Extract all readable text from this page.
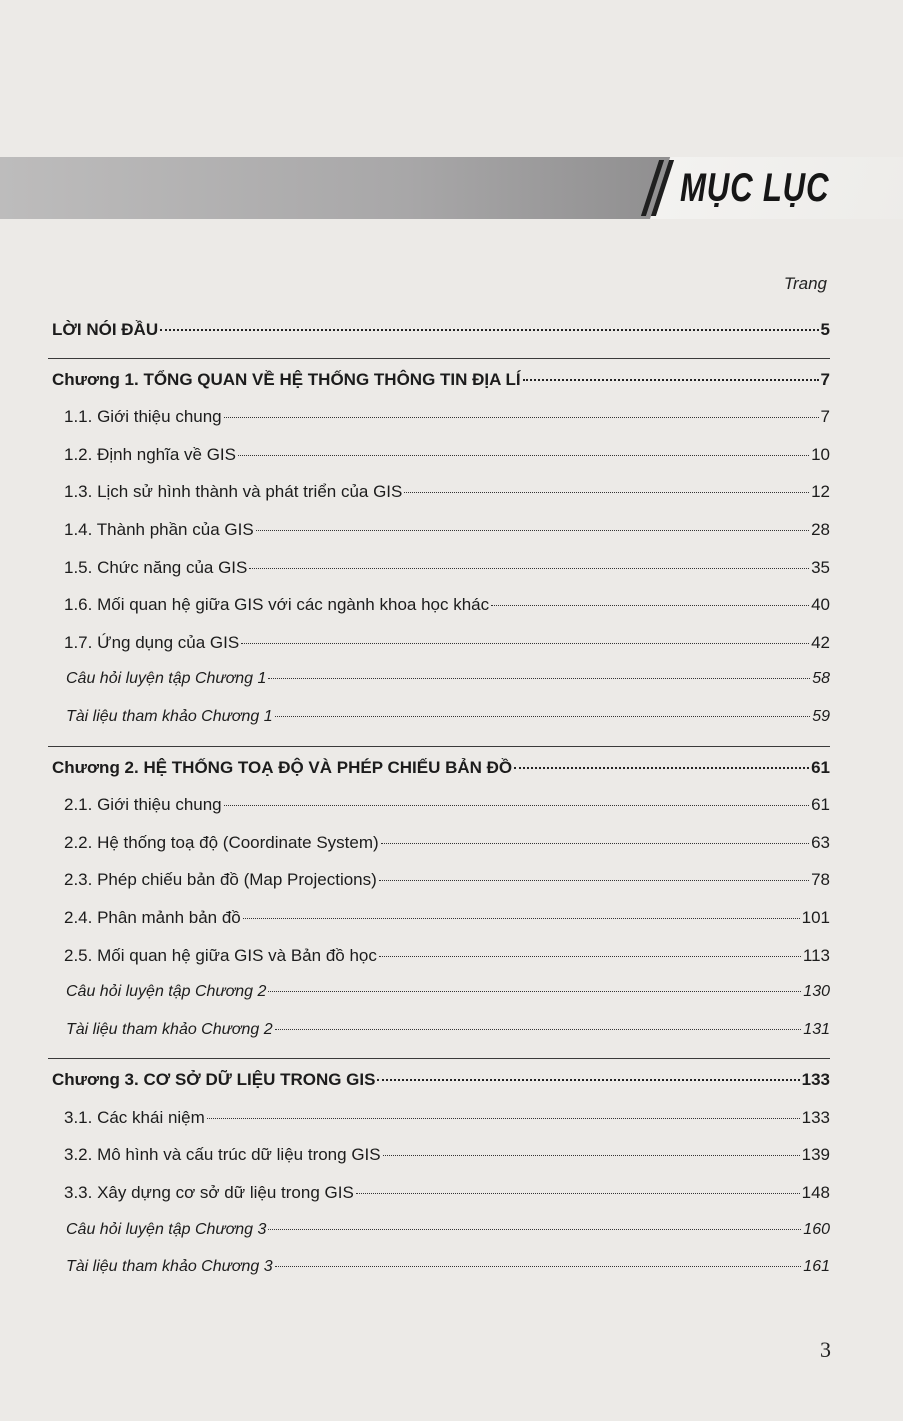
MỤC LỤC
Trang
LỜI NÓI ĐẦU	5
Chương 1. TỔNG QUAN VỀ HỆ THỐNG THÔNG TIN ĐỊA LÍ	7
1.1. Giới thiệu chung	7
1.2. Định nghĩa về GIS	10
1.3. Lịch sử hình thành và phát triển của GIS	12
1.4. Thành phần của GIS	28
1.5. Chức năng của GIS	35
1.6. Mối quan hệ giữa GIS với các ngành khoa học khác	40
1.7. Ứng dụng của GIS	42
Câu hỏi luyện tập Chương 1	58
Tài liệu tham khảo Chương 1	59
Chương 2. HỆ THỐNG TOẠ ĐỘ VÀ PHÉP CHIẾU BẢN ĐỒ	61
2.1. Giới thiệu chung	61
2.2. Hệ thống toạ độ (Coordinate System)	63
2.3. Phép chiếu bản đồ (Map Projections)	78
2.4. Phân mảnh bản đồ	101
2.5. Mối quan hệ giữa GIS và Bản đồ học	113
Câu hỏi luyện tập Chương 2	130
Tài liệu tham khảo Chương 2	131
Chương 3. CƠ SỞ DỮ LIỆU TRONG GIS	133
3.1. Các khái niệm	133
3.2. Mô hình và cấu trúc dữ liệu trong GIS	139
3.3. Xây dựng cơ sở dữ liệu trong GIS	148
Câu hỏi luyện tập Chương 3	160
Tài liệu tham khảo Chương 3	161
3
